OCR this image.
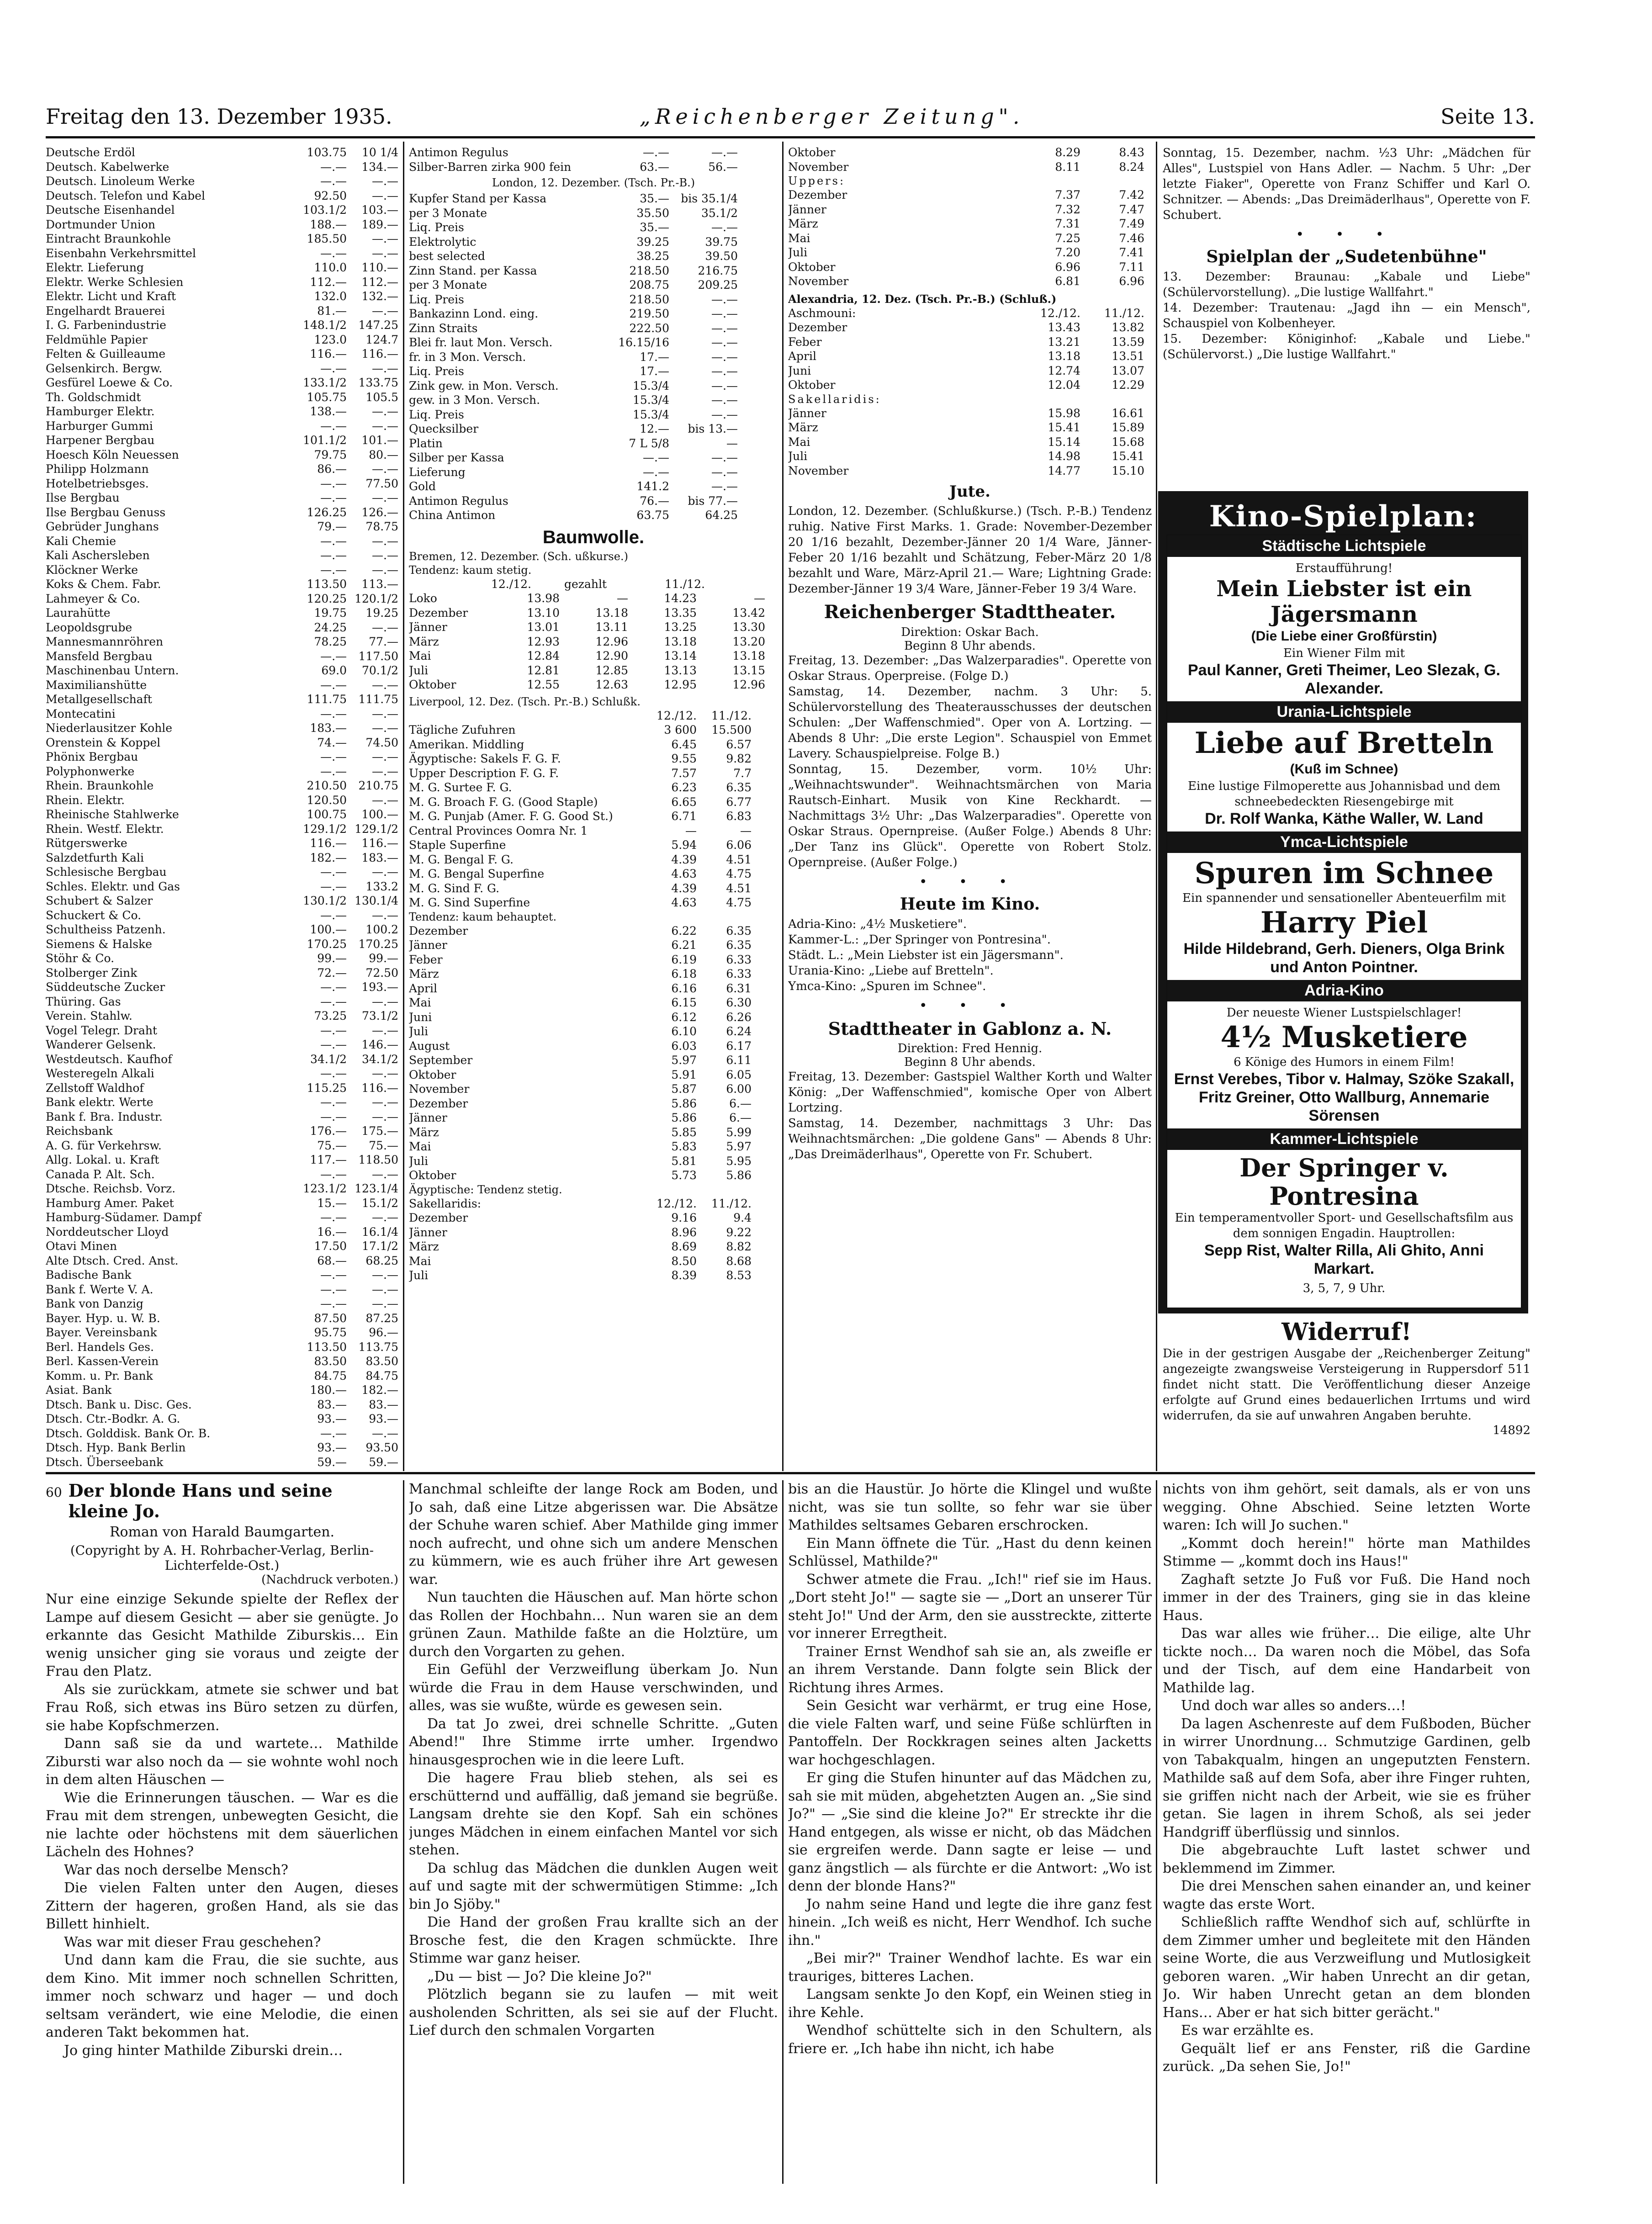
Freitag den 13. Dezember 1935.	„Reichenberger Zeitung".	Seite 13.
Deutsche Erdöl	103.75	10 1/4
Deutsch. Kabelwerke	—.—	134.—
Deutsch. Linoleum Werke	—.—	—.—
Deutsch. Telefon und Kabel	92.50	—.—
Deutsche Eisenhandel	103.1/2	103.—
Dortmunder Union	188.—	189.—
Eintracht Braunkohle	185.50	—.—
Eisenbahn Verkehrsmittel	—.—	—.—
Elektr. Lieferung	110.0	110.—
Elektr. Werke Schlesien	112.—	112.—
Elektr. Licht und Kraft	132.0	132.—
Engelhardt Brauerei	81.—	—.—
I. G. Farbenindustrie	148.1/2	147.25
Feldmühle Papier	123.0	124.7
Felten & Guilleaume	116.—	116.—
Gelsenkirch. Bergw.	—.—	—.—
Gesfürel Loewe & Co.	133.1/2	133.75
Th. Goldschmidt	105.75	105.5
Hamburger Elektr.	138.—	—.—
Harburger Gummi	—.—	—.—
Harpener Bergbau	101.1/2	101.—
Hoesch Köln Neuessen	79.75	80.—
Philipp Holzmann	86.—	—.—
Hotelbetriebsges.	—.—	77.50
Ilse Bergbau	—.—	—.—
Ilse Bergbau Genuss	126.25	126.—
Gebrüder Junghans	79.—	78.75
Kali Chemie	—.—	—.—
Kali Aschersleben	—.—	—.—
Klöckner Werke	—.—	—.—
Koks & Chem. Fabr.	113.50	113.—
Lahmeyer & Co.	120.25 120.1/2
Laurahütte	19.75	19.25
Leopoldsgrube	24.25	—.—
Mannesmannröhren	78.25	77.—
Mansfeld Bergbau	—.—	117.50
Maschinenbau Untern.	69.0	70.1/2
Maximilianshütte	—.—	—.—
Metallgesellschaft	111.75	111.75
Montecatini	—.—	—.—
Niederlausitzer Kohle	183.—	—.—
Orenstein & Koppel	74.—	74.50
Phönix Bergbau	—.—	—.—
Polyphonwerke	—.—	—.—
Rhein. Braunkohle	210.50	210.75
Rhein. Elektr.	120.50	—.—
Rheinische Stahlwerke	100.75	100.—
Rhein. Westf. Elektr.	129.1/2 129.1/2
Rütgerswerke	116.—	116.—
Salzdetfurth Kali	182.—	183.—
Schlesische Bergbau	—.—	—.—
Schles. Elektr. und Gas	—.—	133.2
Schubert & Salzer	130.1/2 130.1/4
Schuckert & Co.	—.—	—.—
Schultheiss Patzenh.	100.—	100.2
Siemens & Halske	170.25	170.25
Stöhr & Co.	99.—	99.—
Stolberger Zink	72.—	72.50
Süddeutsche Zucker	—.—	193.—
Thüring. Gas	—.—	—.—
Verein. Stahlw.	73.25	73.1/2
Vogel Telegr. Draht	—.—	—.—
Wanderer Gelsenk.	—.—	146.—
Westdeutsch. Kaufhof	34.1/2	34.1/2
Westeregeln Alkali	—.—	—.—
Zellstoff Waldhof	115.25	116.—
Bank elektr. Werte	—.—	—.—
Bank f. Bra. Industr.	—.—	—.—
Reichsbank	176.—	175.—
A. G. für Verkehrsw.	75.—	75.—
Allg. Lokal. u. Kraft	117.—	118.50
Canada P. Alt. Sch.	—.—	—.—
Dtsche. Reichsb. Vorz.	123.1/2 123.1/4
Hamburg Amer. Paket	15.—	15.1/2
Hamburg-Südamer. Dampf	—.—	—.—
Norddeutscher Lloyd	16.—	16.1/4
Otavi Minen	17.50	17.1/2
Alte Dtsch. Cred. Anst.	68.—	68.25
Badische Bank	—.—	—.—
Bank f. Werte V. A.	—.—	—.—
Bank von Danzig	—.—	—.—
Bayer. Hyp. u. W. B.	87.50	87.25
Bayer. Vereinsbank	95.75	96.—
Berl. Handels Ges.	113.50	113.75
Berl. Kassen-Verein	83.50	83.50
Komm. u. Pr. Bank	84.75	84.75
Asiat. Bank	180.—	182.—
Dtsch. Bank u. Disc. Ges.	83.—	83.—
Dtsch. Ctr.-Bodkr. A. G.	93.—	93.—
Dtsch. Golddisk. Bank Or. B.	—.—	—.—
Dtsch. Hyp. Bank Berlin	93.—	93.50
Dtsch. Überseebank	59.—	59.—
Antimon Regulus	—.—	—.—
Silber-Barren zirka 900 fein	63.—	56.—
London, 12. Dezember. (Tsch. Pr.-B.)
Kupfer Stand per Kassa	35.—	bis 35.1/4
per 3 Monate	35.50	35.1/2
Liq. Preis	35.—	—.—
Elektrolytic	39.25	39.75
best selected	38.25	39.50
Zinn Stand. per Kassa	218.50	216.75
per 3 Monate	208.75	209.25
Liq. Preis	218.50	—.—
Bankazinn Lond. eing.	219.50	—.—
Zinn Straits	222.50	—.—
Blei fr. laut Mon. Versch.	16.15/16	—.—
fr. in 3 Mon. Versch.	17.—	—.—
Liq. Preis	17.—	—.—
Zink gew. in Mon. Versch.	15.3/4	—.—
gew. in 3 Mon. Versch.	15.3/4	—.—
Liq. Preis	15.3/4	—.—
Quecksilber	12.—	bis 13.—
Platin	7 L 5/8	—
Silber per Kassa	—.—	—.—
Lieferung	—.—	—.—
Gold	141.2	—.—
Antimon Regulus	76.—	bis 77.—
China Antimon	63.75	64.25
Baumwolle.
Bremen, 12. Dezember. (Sch. ußkurse.)
Tendenz: kaum stetig.
12./12.	gezahlt	11./12.
Loko	13.98	—	14.23	—
Dezember	13.10	13.18	13.35	13.42
Jänner	13.01	13.11	13.25	13.30
März	12.93	12.96	13.18	13.20
Mai	12.84	12.90	13.14	13.18
Juli	12.81	12.85	13.13	13.15
Oktober	12.55	12.63	12.95	12.96
Liverpool, 12. Dez. (Tsch. Pr.-B.) Schlußk.
12./12.	11./12.
Tägliche Zufuhren	3 600	15.500
Amerikan. Middling	6.45	6.57
Ägyptische: Sakels F. G. F.	9.55	9.82
Upper Description F. G. F.	7.57	7.7
M. G. Surtee F. G.	6.23	6.35
M. G. Broach F. G. (Good Staple)	6.65	6.77
M. G. Punjab (Amer. F. G. Good St.)	6.71	6.83
Central Provinces Oomra Nr. 1	—	—
Staple Superfine	5.94	6.06
M. G. Bengal F. G.	4.39	4.51
M. G. Bengal Superfine	4.63	4.75
M. G. Sind F. G.	4.39	4.51
M. G. Sind Superfine	4.63	4.75
Tendenz: kaum behauptet.
Dezember	6.22	6.35
Jänner	6.21	6.35
Feber	6.19	6.33
März	6.18	6.33
April	6.16	6.31
Mai	6.15	6.30
Juni	6.12	6.26
Juli	6.10	6.24
August	6.03	6.17
September	5.97	6.11
Oktober	5.91	6.05
November	5.87	6.00
Dezember	5.86	6.—
Jänner	5.86	6.—
März	5.85	5.99
Mai	5.83	5.97
Juli	5.81	5.95
Oktober	5.73	5.86
Ägyptische: Tendenz stetig.
Sakellaridis:	12./12.	11./12.
Dezember	9.16	9.4
Jänner	8.96	9.22
März	8.69	8.82
Mai	8.50	8.68
Juli	8.39	8.53
Oktober	8.29	8.43
November	8.11	8.24
Uppers:
Dezember	7.37	7.42
Jänner	7.32	7.47
März	7.31	7.49
Mai	7.25	7.46
Juli	7.20	7.41
Oktober	6.96	7.11
November	6.81	6.96
Alexandria, 12. Dez. (Tsch. Pr.-B.) (Schluß.)
Aschmouni:	12./12.	11./12.
Dezember	13.43	13.82
Feber	13.21	13.59
April	13.18	13.51
Juni	12.74	13.07
Oktober	12.04	12.29
Sakellaridis:
Jänner	15.98	16.61
März	15.41	15.89
Mai	15.14	15.68
Juli	14.98	15.41
November	14.77	15.10
Jute.

London, 12. Dezember. (Schlußkurse.) (Tsch. P.-B.) Tendenz ruhig. Native First Marks. 1. Grade: November-Dezember 20 1/16 bezahlt, Dezember-Jänner 20 1/4 Ware, Jänner-Feber 20 1/16 bezahlt und Schätzung, Feber-März 20 1/8 bezahlt und Ware, März-April 21.— Ware; Lightning Grade: Dezember-Jänner 19 3/4 Ware, Jänner-Feber 19 3/4 Ware.

Reichenberger Stadttheater.
Direktion: Oskar Bach.
Beginn 8 Uhr abends.

Freitag, 13. Dezember: „Das Walzerparadies". Operette von Oskar Straus. Operpreise. (Folge D.)

Samstag, 14. Dezember, nachm. 3 Uhr: 5. Schülervorstellung des Theaterausschusses der deutschen Schulen: „Der Waffenschmied". Oper von A. Lortzing. — Abends 8 Uhr: „Die erste Legion". Schauspiel von Emmet Lavery. Schauspielpreise. Folge B.)

Sonntag, 15. Dezember, vorm. 10½ Uhr: „Weihnachtswunder". Weihnachtsmärchen von Maria Rautsch-Einhart. Musik von Kine Reckhardt. — Nachmittags 3½ Uhr: „Das Walzerparadies". Operette von Oskar Straus. Opernpreise. (Außer Folge.) Abends 8 Uhr: „Der Tanz ins Glück". Operette von Robert Stolz. Opernpreise. (Außer Folge.)

• • •
Heute im Kino.

Adria-Kino: „4½ Musketiere".

Kammer-L.: „Der Springer von Pontresina".

Städt. L.: „Mein Liebster ist ein Jägersmann".

Urania-Kino: „Liebe auf Bretteln".

Ymca-Kino: „Spuren im Schnee".

• • •
Stadttheater in Gablonz a. N.
Direktion: Fred Hennig.
Beginn 8 Uhr abends.

Freitag, 13. Dezember: Gastspiel Walther Korth und Walter König: „Der Waffenschmied", komische Oper von Albert Lortzing.

Samstag, 14. Dezember, nachmittags 3 Uhr: Das Weihnachtsmärchen: „Die goldene Gans" — Abends 8 Uhr: „Das Dreimäderlhaus", Operette von Fr. Schubert.

Sonntag, 15. Dezember, nachm. ½3 Uhr: „Mädchen für Alles", Lustspiel von Hans Adler. — Nachm. 5 Uhr: „Der letzte Fiaker", Operette von Franz Schiffer und Karl O. Schnitzer. — Abends: „Das Dreimäderlhaus", Operette von F. Schubert.

• • •
Spielplan der „Sudetenbühne"

13. Dezember: Braunau: „Kabale und Liebe" (Schülervorstellung). „Die lustige Wallfahrt."

14. Dezember: Trautenau: „Jagd ihn — ein Mensch", Schauspiel von Kolbenheyer.

15. Dezember: Königinhof: „Kabale und Liebe." (Schülervorst.) „Die lustige Wallfahrt."

Kino-Spielplan:
Städtische Lichtspiele
Erstaufführung!
Mein Liebster ist ein Jägersmann
(Die Liebe einer Großfürstin)
Ein Wiener Film mit
Paul Kanner, Greti Theimer, Leo Slezak, G. Alexander.
Urania-Lichtspiele
Liebe auf Bretteln
(Kuß im Schnee)
Eine lustige Filmoperette aus Johannisbad und dem schneebedeckten Riesengebirge mit
Dr. Rolf Wanka, Käthe Waller, W. Land
Ymca-Lichtspiele
Spuren im Schnee
Ein spannender und sensationeller Abenteuerfilm mit
Harry Piel
Hilde Hildebrand, Gerh. Dieners, Olga Brink und Anton Pointner.
Adria-Kino
Der neueste Wiener Lustspielschlager!
4½ Musketiere
6 Könige des Humors in einem Film!
Ernst Verebes, Tibor v. Halmay, Szöke Szakall, Fritz Greiner, Otto Wallburg, Annemarie Sörensen
Kammer-Lichtspiele
Der Springer v. Pontresina
Ein temperamentvoller Sport- und Gesellschaftsfilm aus dem sonnigen Engadin. Hauptrollen:
Sepp Rist, Walter Rilla, Ali Ghito, Anni Markart.
3, 5, 7, 9 Uhr.
Widerruf!

Die in der gestrigen Ausgabe der „Reichenberger Zeitung" angezeigte zwangsweise Versteigerung in Ruppersdorf 511 findet nicht statt. Die Veröffentlichung dieser Anzeige erfolgte auf Grund eines bedauerlichen Irrtums und wird widerrufen, da sie auf unwahren Angaben beruhte.

14892
60 Der blonde Hans und seine kleine Jo.
Roman von Harald Baumgarten.
(Copyright by A. H. Rohrbacher-Verlag, Berlin-Lichterfelde-Ost.)
(Nachdruck verboten.)

Nur eine einzige Sekunde spielte der Reflex der Lampe auf diesem Gesicht — aber sie genügte. Jo erkannte das Gesicht Mathilde Ziburskis… Ein wenig unsicher ging sie voraus und zeigte der Frau den Platz.

Als sie zurückkam, atmete sie schwer und bat Frau Roß, sich etwas ins Büro setzen zu dürfen, sie habe Kopfschmerzen.

Dann saß sie da und wartete… Mathilde Zibursti war also noch da — sie wohnte wohl noch in dem alten Häuschen —

Wie die Erinnerungen täuschen. — War es die Frau mit dem strengen, unbewegten Gesicht, die nie lachte oder höchstens mit dem säuerlichen Lächeln des Hohnes?

War das noch derselbe Mensch?

Die vielen Falten unter den Augen, dieses Zittern der hageren, großen Hand, als sie das Billett hinhielt.

Was war mit dieser Frau geschehen?

Und dann kam die Frau, die sie suchte, aus dem Kino. Mit immer noch schnellen Schritten, immer noch schwarz und hager — und doch seltsam verändert, wie eine Melodie, die einen anderen Takt bekommen hat.

Jo ging hinter Mathilde Ziburski drein…

Manchmal schleifte der lange Rock am Boden, und Jo sah, daß eine Litze abgerissen war. Die Absätze der Schuhe waren schief. Aber Mathilde ging immer noch aufrecht, und ohne sich um andere Menschen zu kümmern, wie es auch früher ihre Art gewesen war.

Nun tauchten die Häuschen auf. Man hörte schon das Rollen der Hochbahn… Nun waren sie an dem grünen Zaun. Mathilde faßte an die Holztüre, um durch den Vorgarten zu gehen.

Ein Gefühl der Verzweiflung überkam Jo. Nun würde die Frau in dem Hause verschwinden, und alles, was sie wußte, würde es gewesen sein.

Da tat Jo zwei, drei schnelle Schritte. „Guten Abend!" Ihre Stimme irrte umher. Irgendwo hinausgesprochen wie in die leere Luft.

Die hagere Frau blieb stehen, als sei es erschütternd und auffällig, daß jemand sie begrüße. Langsam drehte sie den Kopf. Sah ein schönes junges Mädchen in einem einfachen Mantel vor sich stehen.

Da schlug das Mädchen die dunklen Augen weit auf und sagte mit der schwermütigen Stimme: „Ich bin Jo Sjöby."

Die Hand der großen Frau krallte sich an der Brosche fest, die den Kragen schmückte. Ihre Stimme war ganz heiser.

„Du — bist — Jo? Die kleine Jo?"

Plötzlich begann sie zu laufen — mit weit ausholenden Schritten, als sei sie auf der Flucht. Lief durch den schmalen Vorgarten

bis an die Haustür. Jo hörte die Klingel und wußte nicht, was sie tun sollte, so fehr war sie über Mathildes seltsames Gebaren erschrocken.

Ein Mann öffnete die Tür. „Hast du denn keinen Schlüssel, Mathilde?"

Schwer atmete die Frau. „Ich!" rief sie im Haus. „Dort steht Jo!" — sagte sie — „Dort an unserer Tür steht Jo!" Und der Arm, den sie ausstreckte, zitterte vor innerer Erregtheit.

Trainer Ernst Wendhof sah sie an, als zweifle er an ihrem Verstande. Dann folgte sein Blick der Richtung ihres Armes.

Sein Gesicht war verhärmt, er trug eine Hose, die viele Falten warf, und seine Füße schlürften in Pantoffeln. Der Rockkragen seines alten Jacketts war hochgeschlagen.

Er ging die Stufen hinunter auf das Mädchen zu, sah sie mit müden, abgehetzten Augen an. „Sie sind Jo?" — „Sie sind die kleine Jo?" Er streckte ihr die Hand entgegen, als wisse er nicht, ob das Mädchen sie ergreifen werde. Dann sagte er leise — und ganz ängstlich — als fürchte er die Antwort: „Wo ist denn der blonde Hans?"

Jo nahm seine Hand und legte die ihre ganz fest hinein. „Ich weiß es nicht, Herr Wendhof. Ich suche ihn."

„Bei mir?" Trainer Wendhof lachte. Es war ein trauriges, bitteres Lachen.

Langsam senkte Jo den Kopf, ein Weinen stieg in ihre Kehle.

Wendhof schüttelte sich in den Schultern, als friere er. „Ich habe ihn nicht, ich habe

nichts von ihm gehört, seit damals, als er von uns wegging. Ohne Abschied. Seine letzten Worte waren: Ich will Jo suchen."

„Kommt doch herein!" hörte man Mathildes Stimme — „kommt doch ins Haus!"

Zaghaft setzte Jo Fuß vor Fuß. Die Hand noch immer in der des Trainers, ging sie in das kleine Haus.

Das war alles wie früher… Die eilige, alte Uhr tickte noch… Da waren noch die Möbel, das Sofa und der Tisch, auf dem eine Handarbeit von Mathilde lag.

Und doch war alles so anders…!

Da lagen Aschenreste auf dem Fußboden, Bücher in wirrer Unordnung… Schmutzige Gardinen, gelb von Tabakqualm, hingen an ungeputzten Fenstern. Mathilde saß auf dem Sofa, aber ihre Finger ruhten, sie griffen nicht nach der Arbeit, wie sie es früher getan. Sie lagen in ihrem Schoß, als sei jeder Handgriff überflüssig und sinnlos.

Die abgebrauchte Luft lastet schwer und beklemmend im Zimmer.

Die drei Menschen sahen einander an, und keiner wagte das erste Wort.

Schließlich raffte Wendhof sich auf, schlürfte in dem Zimmer umher und begleitete mit den Händen seine Worte, die aus Verzweiflung und Mutlosigkeit geboren waren. „Wir haben Unrecht an dir getan, Jo. Wir haben Unrecht getan an dem blonden Hans… Aber er hat sich bitter gerächt."

Es war erzählte es.

Gequält lief er ans Fenster, riß die Gardine zurück. „Da sehen Sie, Jo!"
